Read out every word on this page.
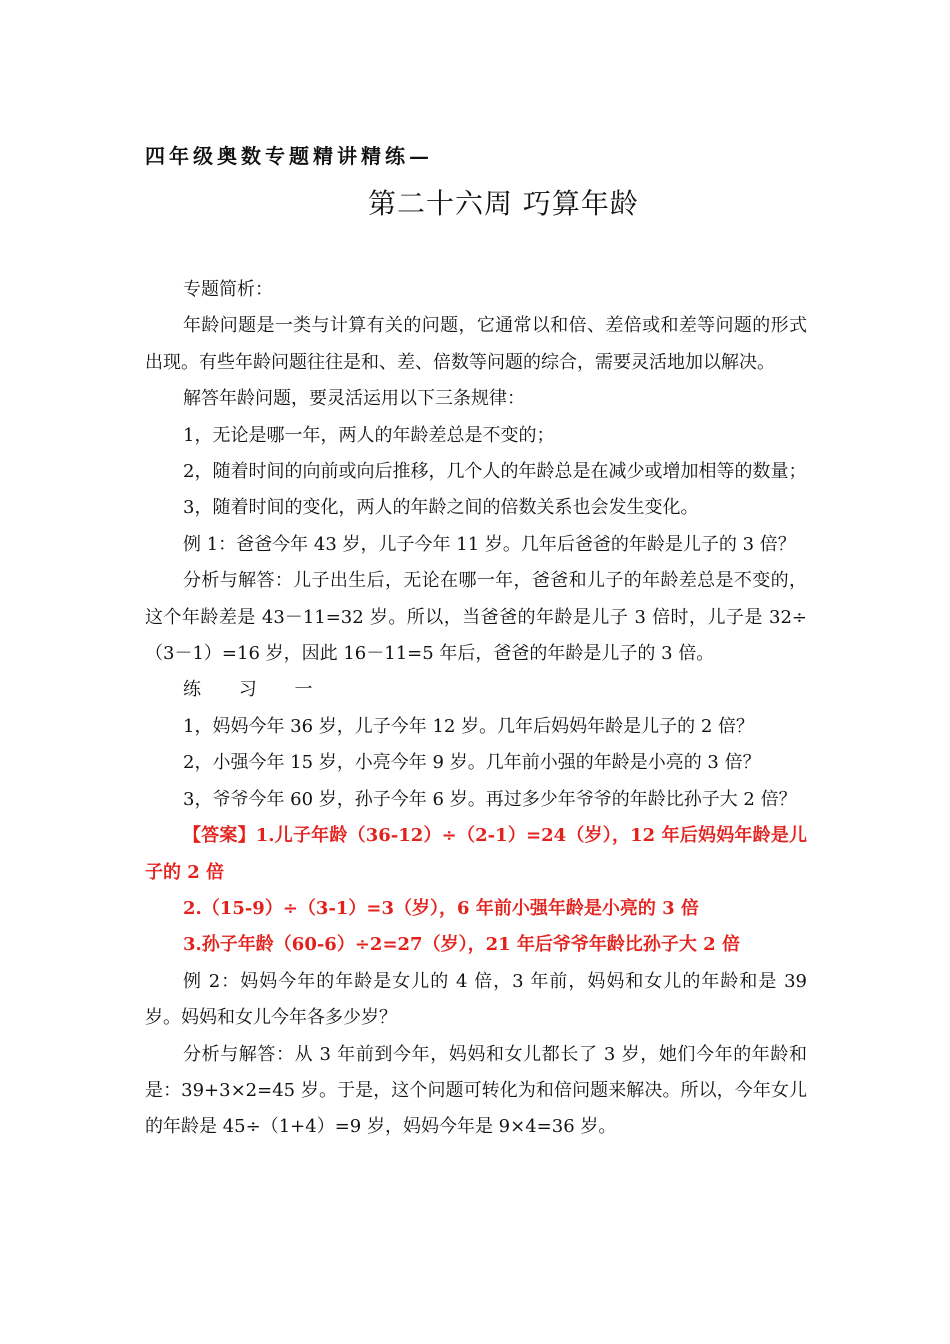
四年级奥数专题精讲精练—
第二十六周 巧算年龄

专题简析：

年龄问题是一类与计算有关的问题，它通常以和倍、差倍或和差等问题的形式出现。有些年龄问题往往是和、差、倍数等问题的综合，需要灵活地加以解决。

解答年龄问题，要灵活运用以下三条规律：

1，无论是哪一年，两人的年龄差总是不变的；

2，随着时间的向前或向后推移，几个人的年龄总是在减少或增加相等的数量；

3，随着时间的变化，两人的年龄之间的倍数关系也会发生变化。

例 1：爸爸今年 43 岁，儿子今年 11 岁。几年后爸爸的年龄是儿子的 3 倍？

分析与解答：儿子出生后，无论在哪一年，爸爸和儿子的年龄差总是不变的，这个年龄差是 43－11=32 岁。所以，当爸爸的年龄是儿子 3 倍时，儿子是 32÷（3－1）=16 岁，因此 16－11=5 年后，爸爸的年龄是儿子的 3 倍。

练 习 一

1，妈妈今年 36 岁，儿子今年 12 岁。几年后妈妈年龄是儿子的 2 倍？

2，小强今年 15 岁，小亮今年 9 岁。几年前小强的年龄是小亮的 3 倍？

3，爷爷今年 60 岁，孙子今年 6 岁。再过多少年爷爷的年龄比孙子大 2 倍？

【答案】1.儿子年龄（36-12）÷（2-1）=24（岁），12 年后妈妈年龄是儿子的 2 倍

2.（15-9）÷（3-1）=3（岁），6 年前小强年龄是小亮的 3 倍

3.孙子年龄（60-6）÷2=27（岁），21 年后爷爷年龄比孙子大 2 倍

例 2：妈妈今年的年龄是女儿的 4 倍，3 年前，妈妈和女儿的年龄和是 39 岁。妈妈和女儿今年各多少岁？

分析与解答：从 3 年前到今年，妈妈和女儿都长了 3 岁，她们今年的年龄和是：39+3×2=45 岁。于是，这个问题可转化为和倍问题来解决。所以，今年女儿的年龄是 45÷（1+4）=9 岁，妈妈今年是 9×4=36 岁。
